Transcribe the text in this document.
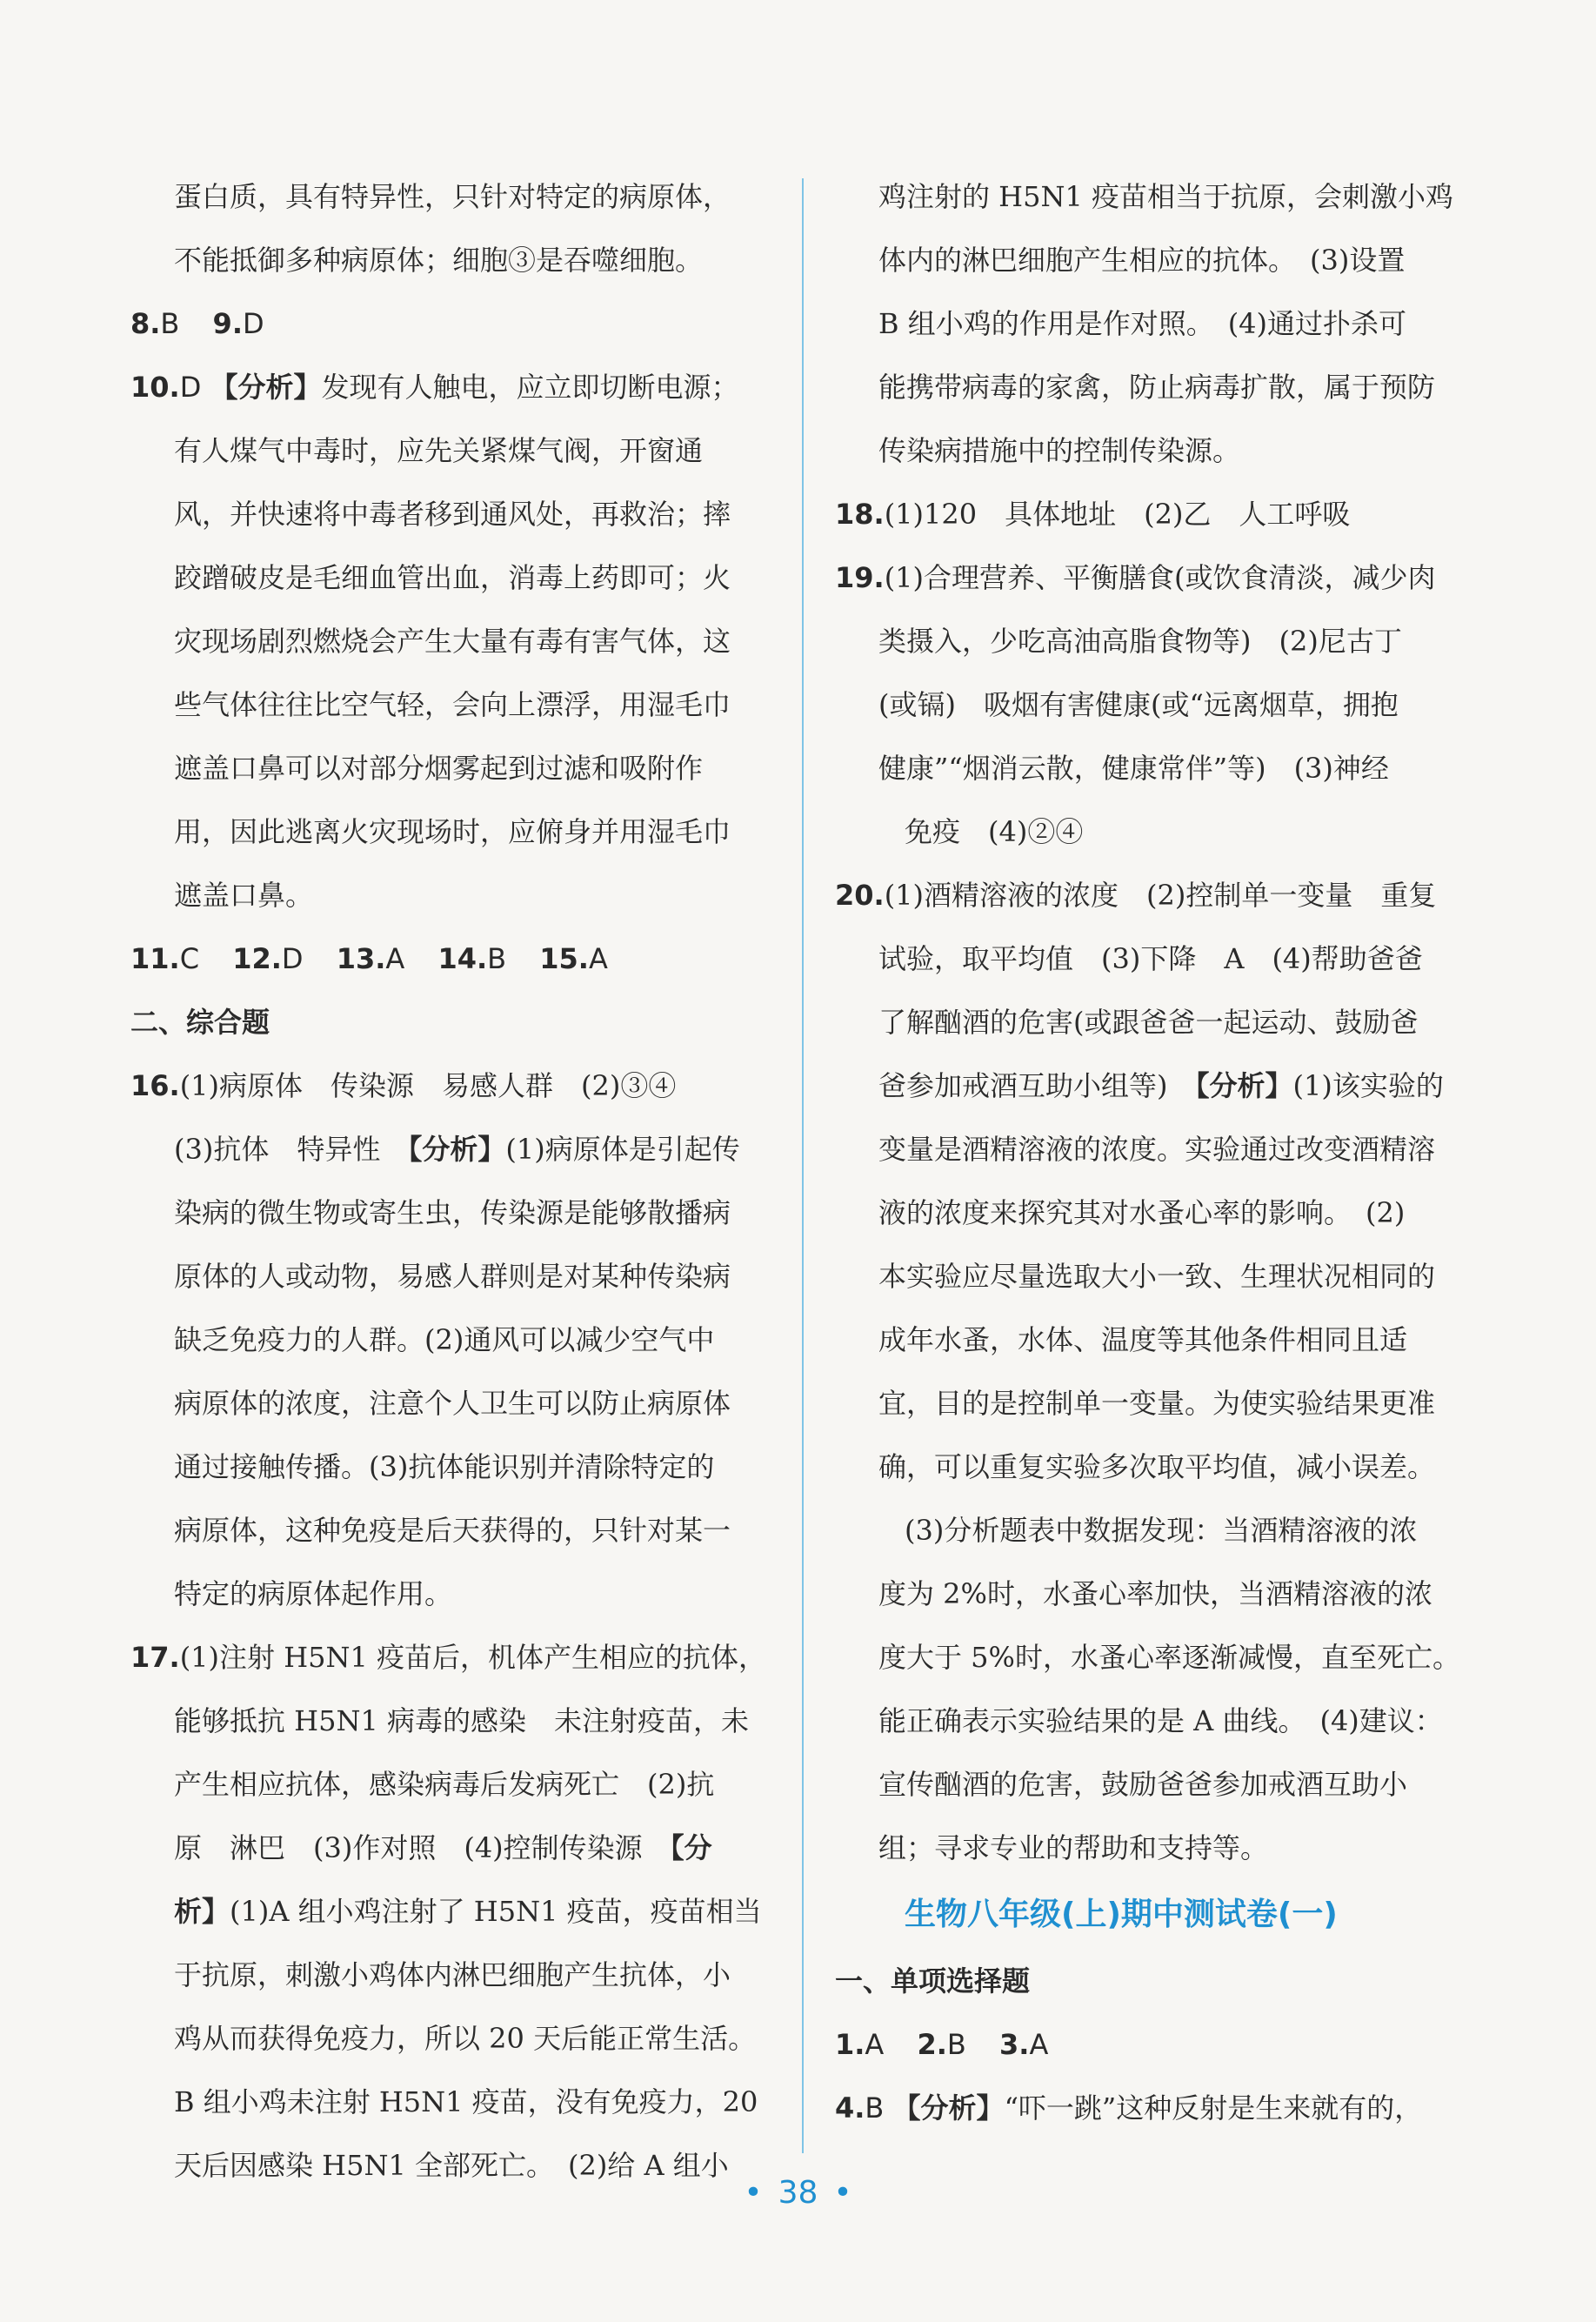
蛋白质，具有特异性，只针对特定的病原体，
不能抵御多种病原体；细胞③是吞噬细胞。
8.B 9.D
10.D 【分析】发现有人触电，应立即切断电源；
有人煤气中毒时，应先关紧煤气阀，开窗通
风，并快速将中毒者移到通风处，再救治；摔
跤蹭破皮是毛细血管出血，消毒上药即可；火
灾现场剧烈燃烧会产生大量有毒有害气体，这
些气体往往比空气轻，会向上漂浮，用湿毛巾
遮盖口鼻可以对部分烟雾起到过滤和吸附作
用，因此逃离火灾现场时，应俯身并用湿毛巾
遮盖口鼻。
11.C 12.D 13.A 14.B 15.A
二、综合题
16.(1)病原体　传染源　易感人群　(2)③④
(3)抗体　特异性　【分析】(1)病原体是引起传
染病的微生物或寄生虫，传染源是能够散播病
原体的人或动物，易感人群则是对某种传染病
缺乏免疫力的人群。(2)通风可以减少空气中
病原体的浓度，注意个人卫生可以防止病原体
通过接触传播。(3)抗体能识别并清除特定的
病原体，这种免疫是后天获得的，只针对某一
特定的病原体起作用。
17.(1)注射 H5N1 疫苗后，机体产生相应的抗体，
能够抵抗 H5N1 病毒的感染　未注射疫苗，未
产生相应抗体，感染病毒后发病死亡　(2)抗
原　淋巴　(3)作对照　(4)控制传染源　【分
析】(1)A 组小鸡注射了 H5N1 疫苗，疫苗相当
于抗原，刺激小鸡体内淋巴细胞产生抗体，小
鸡从而获得免疫力，所以 20 天后能正常生活。
B 组小鸡未注射 H5N1 疫苗，没有免疫力，20
天后因感染 H5N1 全部死亡。　(2)给 A 组小
鸡注射的 H5N1 疫苗相当于抗原，会刺激小鸡
体内的淋巴细胞产生相应的抗体。　(3)设置
B 组小鸡的作用是作对照。　(4)通过扑杀可
能携带病毒的家禽，防止病毒扩散，属于预防
传染病措施中的控制传染源。
18.(1)120　具体地址　(2)乙　人工呼吸
19.(1)合理营养、平衡膳食(或饮食清淡，减少肉
类摄入，少吃高油高脂食物等)　(2)尼古丁
(或镉)　吸烟有害健康(或“远离烟草，拥抱
健康”“烟消云散，健康常伴”等)　(3)神经
免疫　(4)②④
20.(1)酒精溶液的浓度　(2)控制单一变量　重复
试验，取平均值　(3)下降　A　(4)帮助爸爸
了解酗酒的危害(或跟爸爸一起运动、鼓励爸
爸参加戒酒互助小组等)　【分析】(1)该实验的
变量是酒精溶液的浓度。实验通过改变酒精溶
液的浓度来探究其对水蚤心率的影响。　(2)
本实验应尽量选取大小一致、生理状况相同的
成年水蚤，水体、温度等其他条件相同且适
宜，目的是控制单一变量。为使实验结果更准
确，可以重复实验多次取平均值，减小误差。
(3)分析题表中数据发现：当酒精溶液的浓
度为 2%时，水蚤心率加快，当酒精溶液的浓
度大于 5%时，水蚤心率逐渐减慢，直至死亡。
能正确表示实验结果的是 A 曲线。　(4)建议：
宣传酗酒的危害，鼓励爸爸参加戒酒互助小
组；寻求专业的帮助和支持等。
生物八年级(上)期中测试卷(一)
一、单项选择题
1.A 2.B 3.A
4.B 【分析】“吓一跳”这种反射是生来就有的，
• 38 •
